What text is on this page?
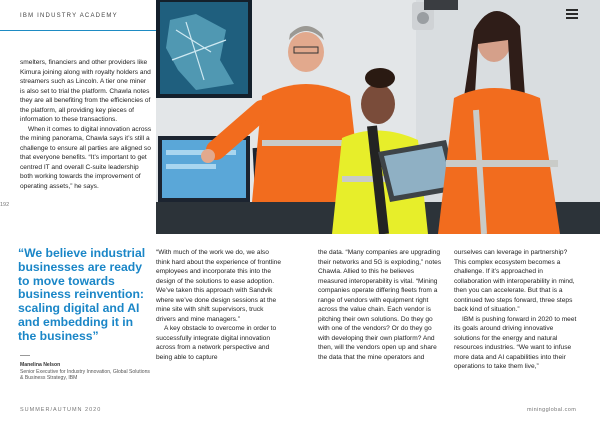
IBM INDUSTRY ACADEMY

smelters, financiers and other providers like Kimura joining along with royalty holders and streamers such as Lincoln. A tier one miner is also set to trial the platform. Chawla notes they are all benefiting from the efficiencies of the platform, all providing key pieces of information to these transactions.

When it comes to digital innovation across the mining panorama, Chawla says it’s still a challenge to ensure all parties are aligned so that everyone benefits. “It’s important to get centred IT and overall C-suite leadership both working towards the improvement of operating assets,” he says.

192
“We believe industrial businesses are ready to move towards business reinvention: scaling digital and AI and embedding it in the business”
Manelina Nelson
Senior Executive for Industry Innovation, Global Solutions & Business Strategy, IBM

“With much of the work we do, we also think hard about the experience of frontline employees and incorporate this into the design of the solutions to ease adoption. We’ve taken this approach with Sandvik where we’ve done design sessions at the mine site with shift supervisors, truck drivers and mine managers.”

A key obstacle to overcome in order to successfully integrate digital innovation across from a network perspective and being able to capture

the data. “Many companies are upgrading their networks and 5G is exploding,” notes Chawla. Allied to this he believes measured interoperability is vital. “Mining companies operate differing fleets from a range of vendors with equipment right across the value chain. Each vendor is pitching their own solutions. Do they go with one of the vendors? Or do they go with developing their own platform? And then, will the vendors open up and share the data that the mine operators and

ourselves can leverage in partnership? This complex ecosystem becomes a challenge. If it’s approached in collaboration with interoperability in mind, then you can accelerate. But that is a continued two steps forward, three steps back kind of situation.”

IBM is pushing forward in 2020 to meet its goals around driving innovative solutions for the energy and natural resources industries. “We want to infuse more data and AI capabilities into their operations to take them live,”

SUMMER/AUTUMN 2020	miningglobal.com
